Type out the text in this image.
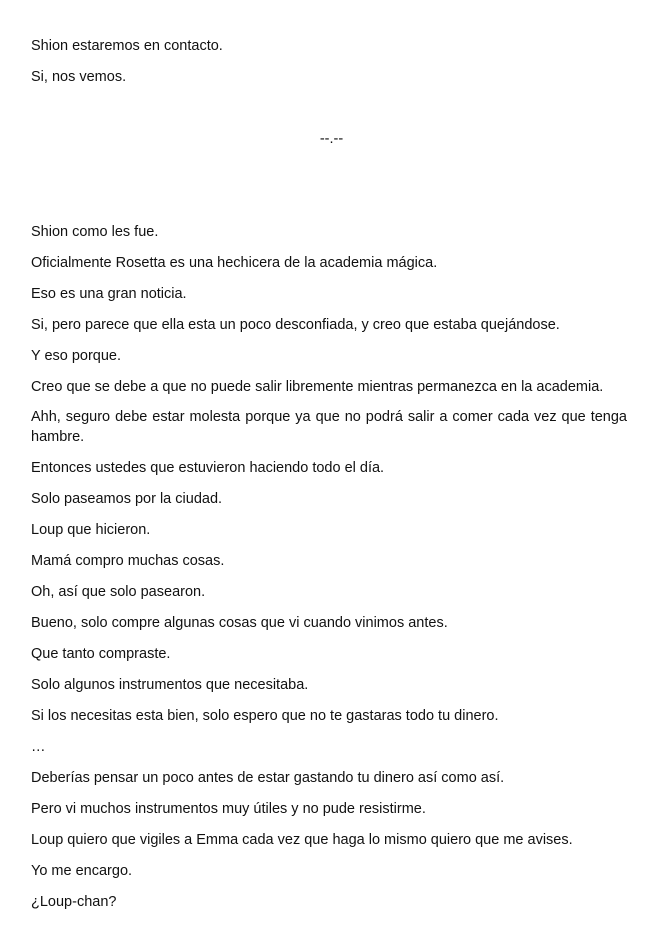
Shion estaremos en contacto.
Si, nos vemos.
--.--
Shion como les fue.
Oficialmente Rosetta es una hechicera de la academia mágica.
Eso es una gran noticia.
Si, pero parece que ella esta un poco desconfiada, y creo que estaba quejándose.
Y eso porque.
Creo que se debe a que no puede salir libremente mientras permanezca en la academia.
Ahh, seguro debe estar molesta porque ya que no podrá salir a comer cada vez que tenga hambre.
Entonces ustedes que estuvieron haciendo todo el día.
Solo paseamos por la ciudad.
Loup que hicieron.
Mamá compro muchas cosas.
Oh, así que solo pasearon.
Bueno, solo compre algunas cosas que vi cuando vinimos antes.
Que tanto compraste.
Solo algunos instrumentos que necesitaba.
Si los necesitas esta bien, solo espero que no te gastaras todo tu dinero.
…
Deberías pensar un poco antes de estar gastando tu dinero así como así.
Pero vi muchos instrumentos muy útiles y no pude resistirme.
Loup quiero que vigiles a Emma cada vez que haga lo mismo quiero que me avises.
Yo me encargo.
¿Loup-chan?
